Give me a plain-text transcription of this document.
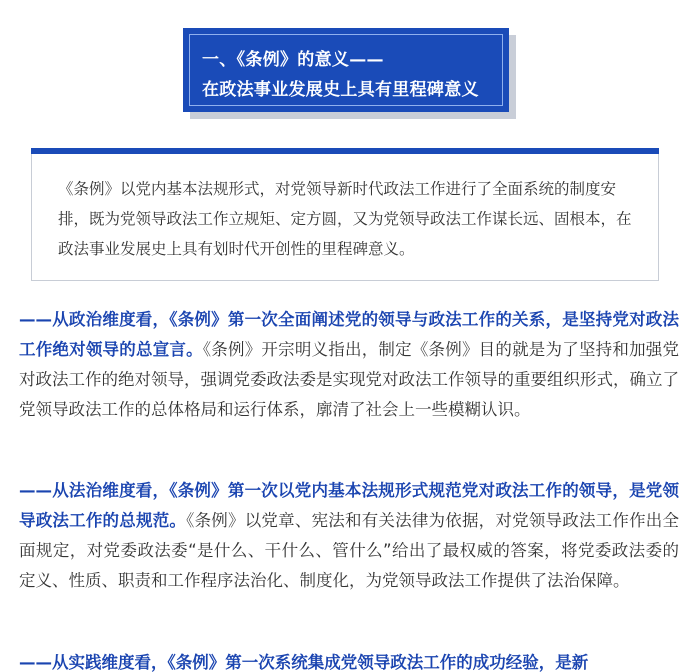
一、《条例》的意义——
在政法事业发展史上具有里程碑意义

《条例》以党内基本法规形式，对党领导新时代政法工作进行了全面系统的制度安排，既为党领导政法工作立规矩、定方圆，又为党领导政法工作谋长远、固根本，在政法事业发展史上具有划时代开创性的里程碑意义。

——从政治维度看，《条例》第一次全面阐述党的领导与政法工作的关系，是坚持党对政法工作绝对领导的总宣言。《条例》开宗明义指出，制定《条例》目的就是为了坚持和加强党对政法工作的绝对领导，强调党委政法委是实现党对政法工作领导的重要组织形式，确立了党领导政法工作的总体格局和运行体系，廓清了社会上一些模糊认识。

——从法治维度看，《条例》第一次以党内基本法规形式规范党对政法工作的领导，是党领导政法工作的总规范。《条例》以党章、宪法和有关法律为依据，对党领导政法工作作出全面规定，对党委政法委“是什么、干什么、管什么”给出了最权威的答案，将党委政法委的定义、性质、职责和工作程序法治化、制度化，为党领导政法工作提供了法治保障。

——从实践维度看，《条例》第一次系统集成党领导政法工作的成功经验，是新
